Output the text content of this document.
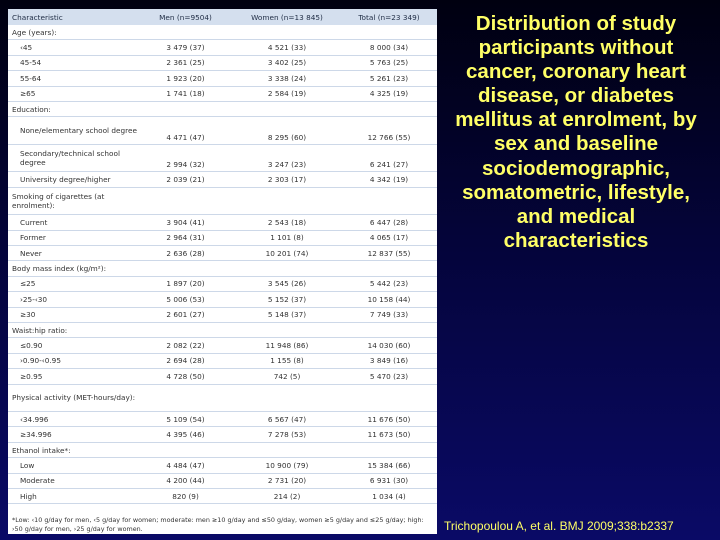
Characteristic	Men (n=9504)	Women (n=13 845)	Total (n=23 349)
Age (years):			
‹45	3 479 (37)	4 521 (33)	8 000 (34)
45-54	2 361 (25)	3 402 (25)	5 763 (25)
55-64	1 923 (20)	3 338 (24)	5 261 (23)
≥65	1 741 (18)	2 584 (19)	4 325 (19)
Education:			
None/elementary school degree	4 471 (47)	8 295 (60)	12 766 (55)
Secondary/technical school degree	2 994 (32)	3 247 (23)	6 241 (27)
University degree/higher	2 039 (21)	2 303 (17)	4 342 (19)
Smoking of cigarettes (at enrolment):			
Current	3 904 (41)	2 543 (18)	6 447 (28)
Former	2 964 (31)	1 101 (8)	4 065 (17)
Never	2 636 (28)	10 201 (74)	12 837 (55)
Body mass index (kg/m²):			
≤25	1 897 (20)	3 545 (26)	5 442 (23)
›25-‹30	5 006 (53)	5 152 (37)	10 158 (44)
≥30	2 601 (27)	5 148 (37)	7 749 (33)
Waist:hip ratio:			
≤0.90	2 082 (22)	11 948 (86)	14 030 (60)
›0.90-‹0.95	2 694 (28)	1 155 (8)	3 849 (16)
≥0.95	4 728 (50)	742 (5)	5 470 (23)
Physical activity (MET-hours/day):			
‹34.996	5 109 (54)	6 567 (47)	11 676 (50)
≥34.996	4 395 (46)	7 278 (53)	11 673 (50)
Ethanol intake*:			
Low	4 484 (47)	10 900 (79)	15 384 (66)
Moderate	4 200 (44)	2 731 (20)	6 931 (30)
High	820 (9)	214 (2)	1 034 (4)
*Low: ‹10 g/day for men, ‹5 g/day for women; moderate: men ≥10 g/day and ≤50 g/day, women ≥5 g/day and ≤25 g/day; high: ›50 g/day for men, ›25 g/day for women.
Distribution of study participants without cancer, coronary heart disease, or diabetes mellitus at enrolment, by sex and baseline sociodemographic, somatometric, lifestyle, and medical characteristics
Trichopoulou A, et al. BMJ 2009;338:b2337
